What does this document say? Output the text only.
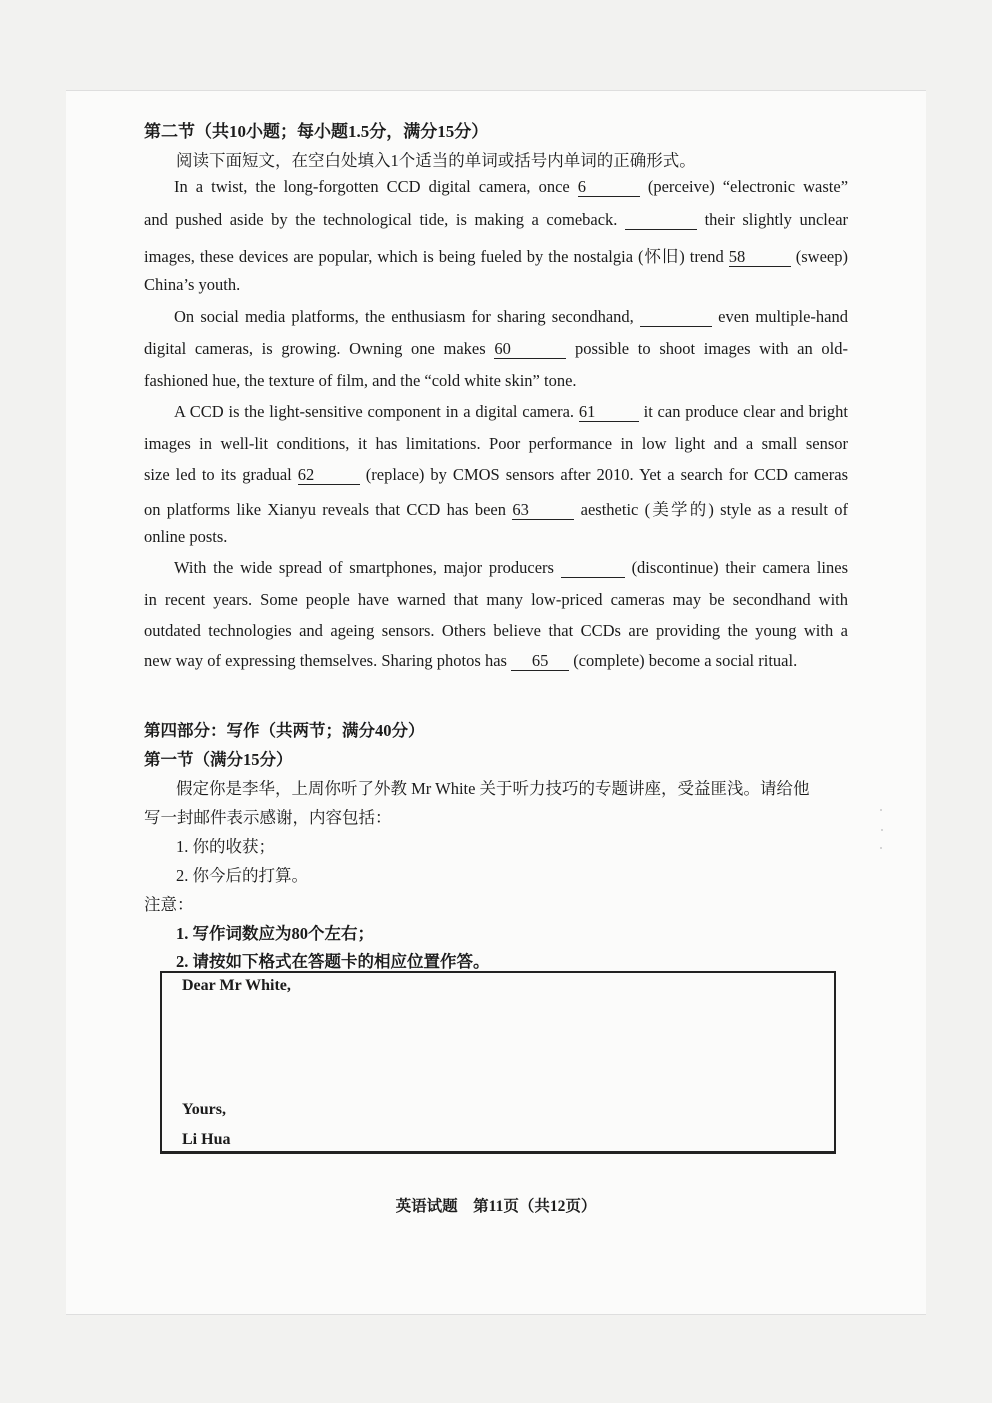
第二节（共10小题；每小题1.5分，满分15分）
阅读下面短文，在空白处填入1个适当的单词或括号内单词的正确形式。
In a twist, the long-forgotten CCD digital camera, once 6	(perceive) “electronic waste”
and pushed aside by the technological tide, is making a comeback.	their slightly unclear
images, these devices are popular, which is being fueled by the nostalgia (怀旧) trend 58	(sweep)
China’s youth.
On social media platforms, the enthusiasm for sharing secondhand,	even multiple-hand
digital cameras, is growing. Owning one makes 60	possible to shoot images with an old-
fashioned hue, the texture of film, and the “cold white skin” tone.
A CCD is the light-sensitive component in a digital camera. 61	it can produce clear and bright
images in well-lit conditions, it has limitations. Poor performance in low light and a small sensor
size led to its gradual 62	(replace) by CMOS sensors after 2010. Yet a search for CCD cameras
on platforms like Xianyu reveals that CCD has been 63	aesthetic (美学的) style as a result of
online posts.
With the wide spread of smartphones, major producers	(discontinue) their camera lines
in recent years. Some people have warned that many low-priced cameras may be secondhand with
outdated technologies and ageing sensors. Others believe that CCDs are providing the young with a
new way of expressing themselves. Sharing photos has 65 (complete) become a social ritual.
第四部分：写作（共两节；满分40分）
第一节（满分15分）
假定你是李华，上周你听了外教 Mr White 关于听力技巧的专题讲座，受益匪浅。请给他
写一封邮件表示感谢，内容包括：
1. 你的收获；
2. 你今后的打算。
注意：
1. 写作词数应为80个左右；
2. 请按如下格式在答题卡的相应位置作答。
Dear Mr White,
Yours,
Li Hua
英语试题　第11页（共12页）
